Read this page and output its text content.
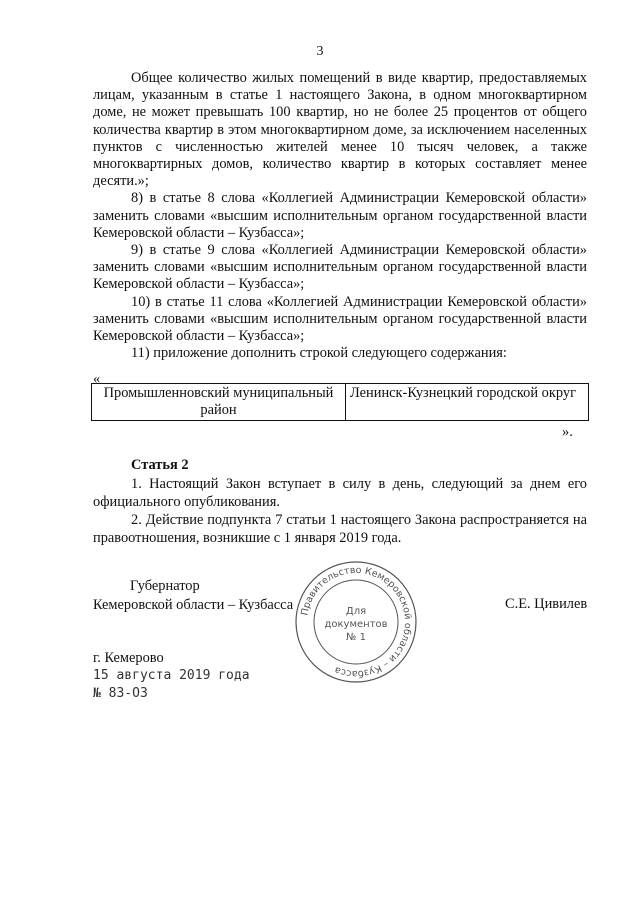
3

Общее количество жилых помещений в виде квартир, предоставляемых лицам, указанным в статье 1 настоящего Закона, в одном многоквартирном доме, не может превышать 100 квартир, но не более 25 процентов от общего количества квартир в этом многоквартирном доме, за исключением населенных пунктов с численностью жителей менее 10 тысяч человек, а также многоквартирных домов, количество квартир в которых составляет менее десяти.»;

8) в статье 8 слова «Коллегией Администрации Кемеровской области» заменить словами «высшим исполнительным органом государственной власти Кемеровской области – Кузбасса»;

9) в статье 9 слова «Коллегией Администрации Кемеровской области» заменить словами «высшим исполнительным органом государственной власти Кемеровской области – Кузбасса»;

10) в статье 11 слова «Коллегией Администрации Кемеровской области» заменить словами «высшим исполнительным органом государственной власти Кемеровской области – Кузбасса»;

11) приложение дополнить строкой следующего содержания:

«
Промышленновский муниципальный район	Ленинск-Кузнецкий городской округ
».
Статья 2

1. Настоящий Закон вступает в силу в день, следующий за днем его официального опубликования.

2. Действие подпункта 7 статьи 1 настоящего Закона распространяется на правоотношения, возникшие с 1 января 2019 года.

Губернатор
Кемеровской области – Кузбасса	С.Е. Цивилев
Правительство Кемеровской области – Кузбасса
Для
документов
№ 1
г. Кемерово
15 августа 2019 года
№ 83-ОЗ
